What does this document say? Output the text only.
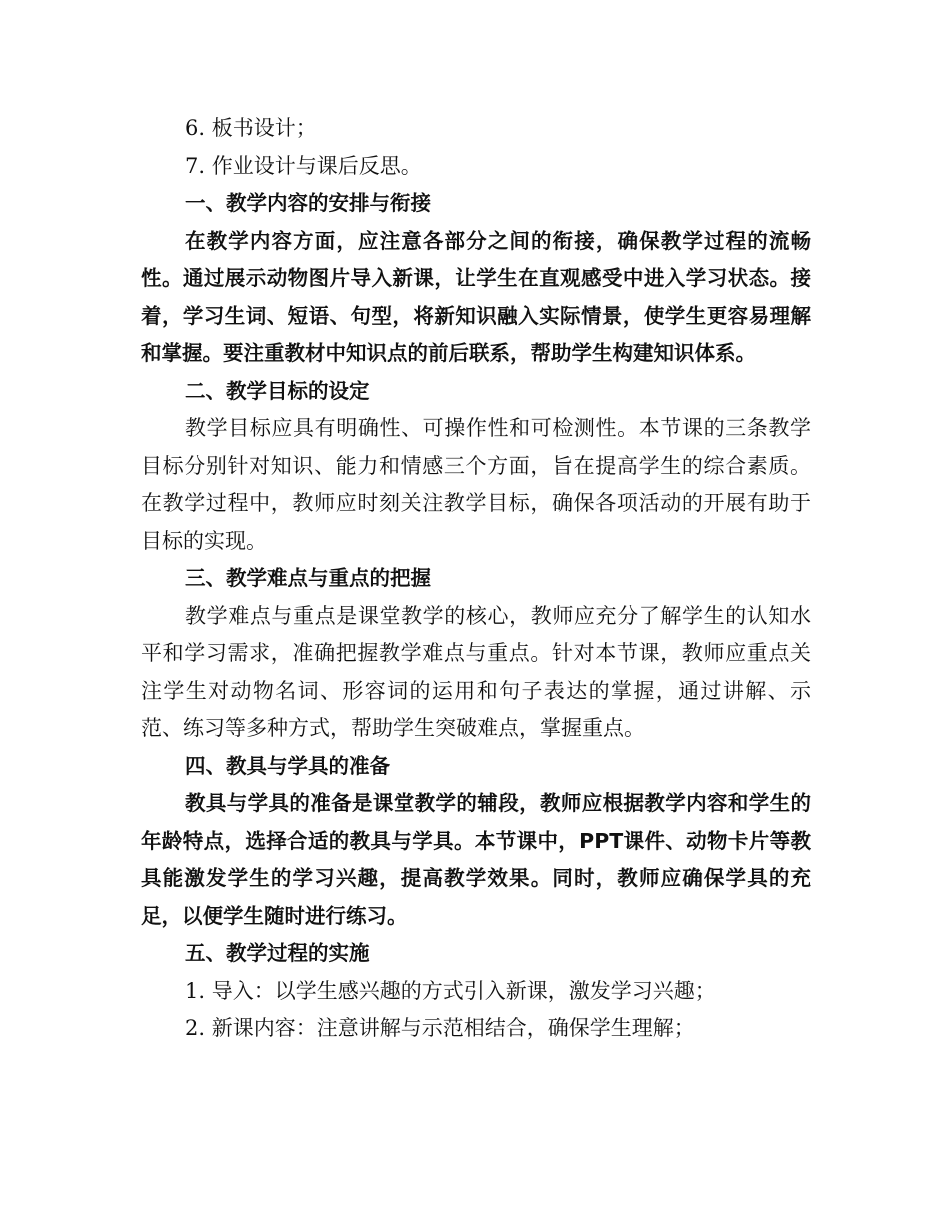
6. 板书设计；

7. 作业设计与课后反思。

一、教学内容的安排与衔接

在教学内容方面，应注意各部分之间的衔接，确保教学过程的流畅性。通过展示动物图片导入新课，让学生在直观感受中进入学习状态。接着，学习生词、短语、句型，将新知识融入实际情景，使学生更容易理解和掌握。要注重教材中知识点的前后联系，帮助学生构建知识体系。

二、教学目标的设定

教学目标应具有明确性、可操作性和可检测性。本节课的三条教学目标分别针对知识、能力和情感三个方面，旨在提高学生的综合素质。在教学过程中，教师应时刻关注教学目标，确保各项活动的开展有助于目标的实现。

三、教学难点与重点的把握

教学难点与重点是课堂教学的核心，教师应充分了解学生的认知水平和学习需求，准确把握教学难点与重点。针对本节课，教师应重点关注学生对动物名词、形容词的运用和句子表达的掌握，通过讲解、示范、练习等多种方式，帮助学生突破难点，掌握重点。

四、教具与学具的准备

教具与学具的准备是课堂教学的辅段，教师应根据教学内容和学生的年龄特点，选择合适的教具与学具。本节课中，PPT课件、动物卡片等教具能激发学生的学习兴趣，提高教学效果。同时，教师应确保学具的充足，以便学生随时进行练习。

五、教学过程的实施

1. 导入：以学生感兴趣的方式引入新课，激发学习兴趣；

2. 新课内容：注意讲解与示范相结合，确保学生理解；
